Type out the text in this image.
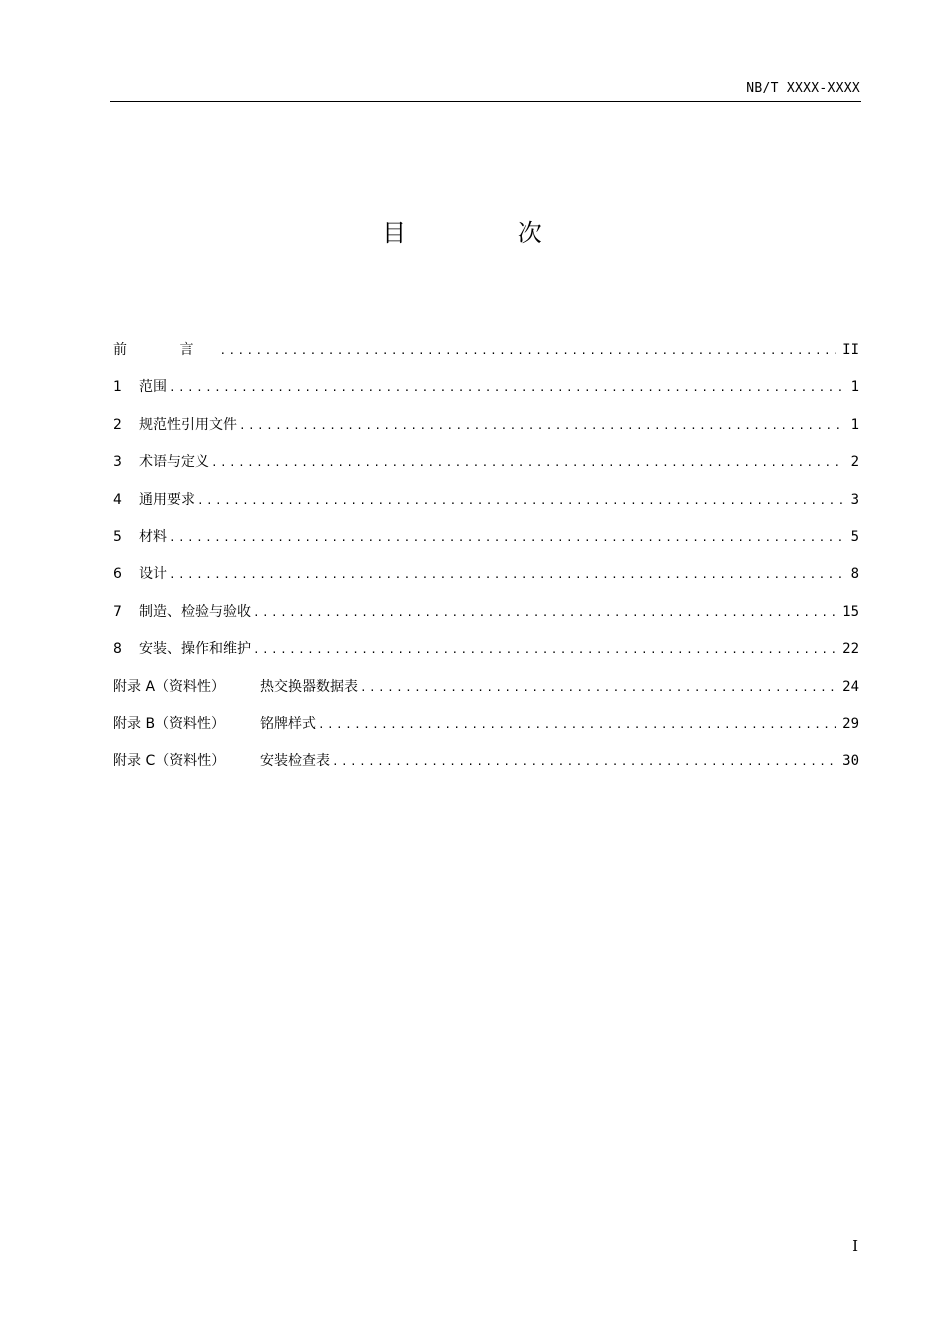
NB/T XXXX-XXXX
目 次
前 言 .....	II
1	范围 .....	1
2	规范性引用文件 .....	1
3	术语与定义 .....	2
4	通用要求 .....	3
5	材料 .....	5
6	设计 .....	8
7	制造、检验与验收 .....	15
8	安装、操作和维护 .....	22
附录 A（资料性）	热交换器数据表 .....	24
附录 B（资料性）	铭牌样式 .....	29
附录 C（资料性）	安装检查表 .....	30
I
